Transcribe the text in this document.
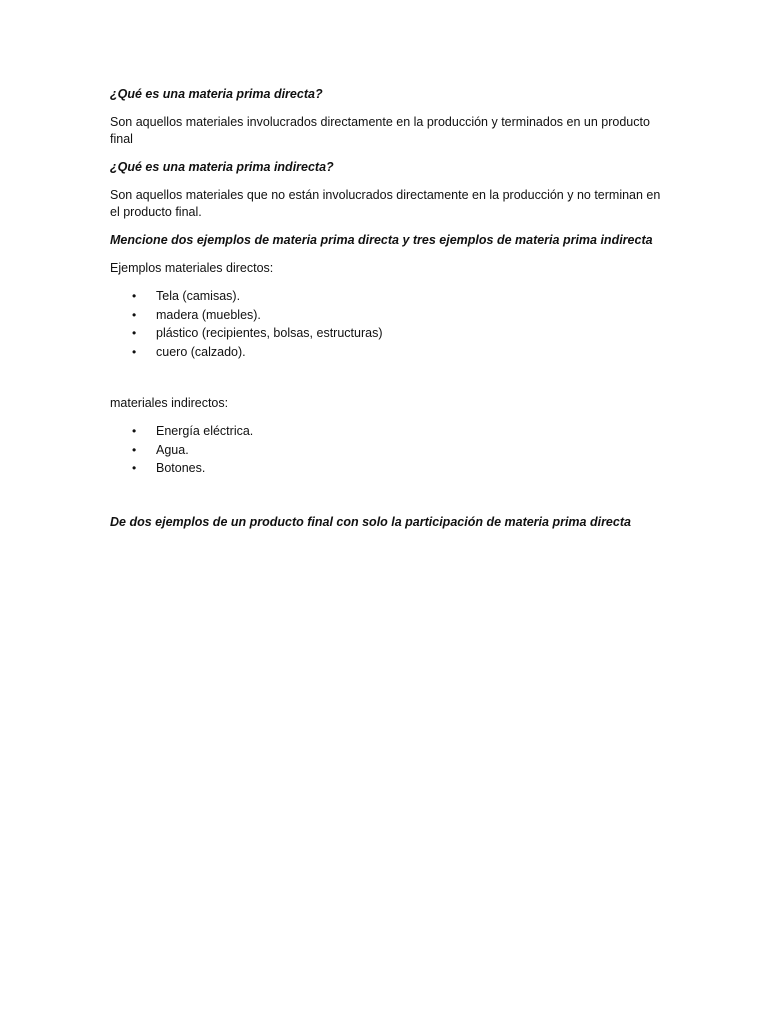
¿Qué es una materia prima directa?
Son aquellos materiales involucrados directamente en la producción y terminados en un producto final
¿Qué es una materia prima indirecta?
Son aquellos materiales que no están involucrados directamente en la producción y no terminan en el producto final.
Mencione dos ejemplos de materia prima directa y tres ejemplos de materia prima indirecta
Ejemplos materiales directos:
• Tela (camisas).
• madera (muebles).
• plástico (recipientes, bolsas, estructuras)
• cuero (calzado).
materiales indirectos:
• Energía eléctrica.
• Agua.
• Botones.
De dos ejemplos de un producto final con solo la participación de materia prima directa
